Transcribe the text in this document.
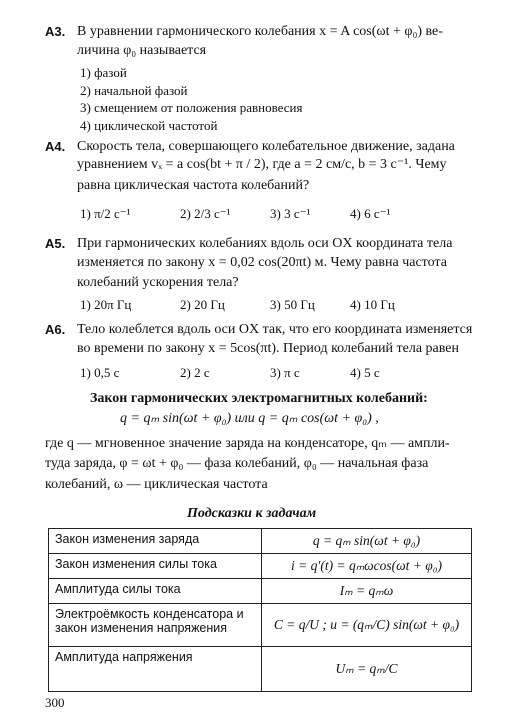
А3. В уравнении гармонического колебания x = A cos(ωt + φ₀) ве-
личина φ₀ называется
1) фазой
2) начальной фазой
3) смещением от положения равновесия
4) циклической частотой
А4. Скорость тела, совершающего колебательное движение, задана
уравнением vₓ = a cos(bt + π / 2), где a = 2 см/с, b = 3 с⁻¹. Чему
равна циклическая частота колебаний?
1) π/2 с⁻¹	2) 2/3 с⁻¹	3) 3 с⁻¹	4) 6 с⁻¹
А5. При гармонических колебаниях вдоль оси OX координата тела
изменяется по закону x = 0,02 cos(20πt) м. Чему равна частота
колебаний ускорения тела?
1) 20π Гц	2) 20 Гц	3) 50 Гц	4) 10 Гц
А6. Тело колеблется вдоль оси OX так, что его координата изменяется
во времени по закону x = 5cos(πt). Период колебаний тела равен
1) 0,5 с	2) 2 с	3) π с	4) 5 с
Закон гармонических электромагнитных колебаний:
q = qₘ sin(ωt + φ₀) или q = qₘ cos(ωt + φ₀) ,
где q — мгновенное значение заряда на конденсаторе, qₘ — ампли-
туда заряда, φ = ωt + φ₀ — фаза колебаний, φ₀ — начальная фаза
колебаний, ω — циклическая частота
Подсказки к задачам
Закон изменения заряда	q = qₘ sin(ωt + φ₀)
Закон изменения силы тока	i = q′(t) = qₘωcos(ωt + φ₀)
Амплитуда силы тока	Iₘ = qₘω
Электроёмкость конденсатора и закон изменения напряжения	C = q/U ; u = (qₘ/C) sin(ωt + φ₀)
Амплитуда напряжения	Uₘ = qₘ/C
300
